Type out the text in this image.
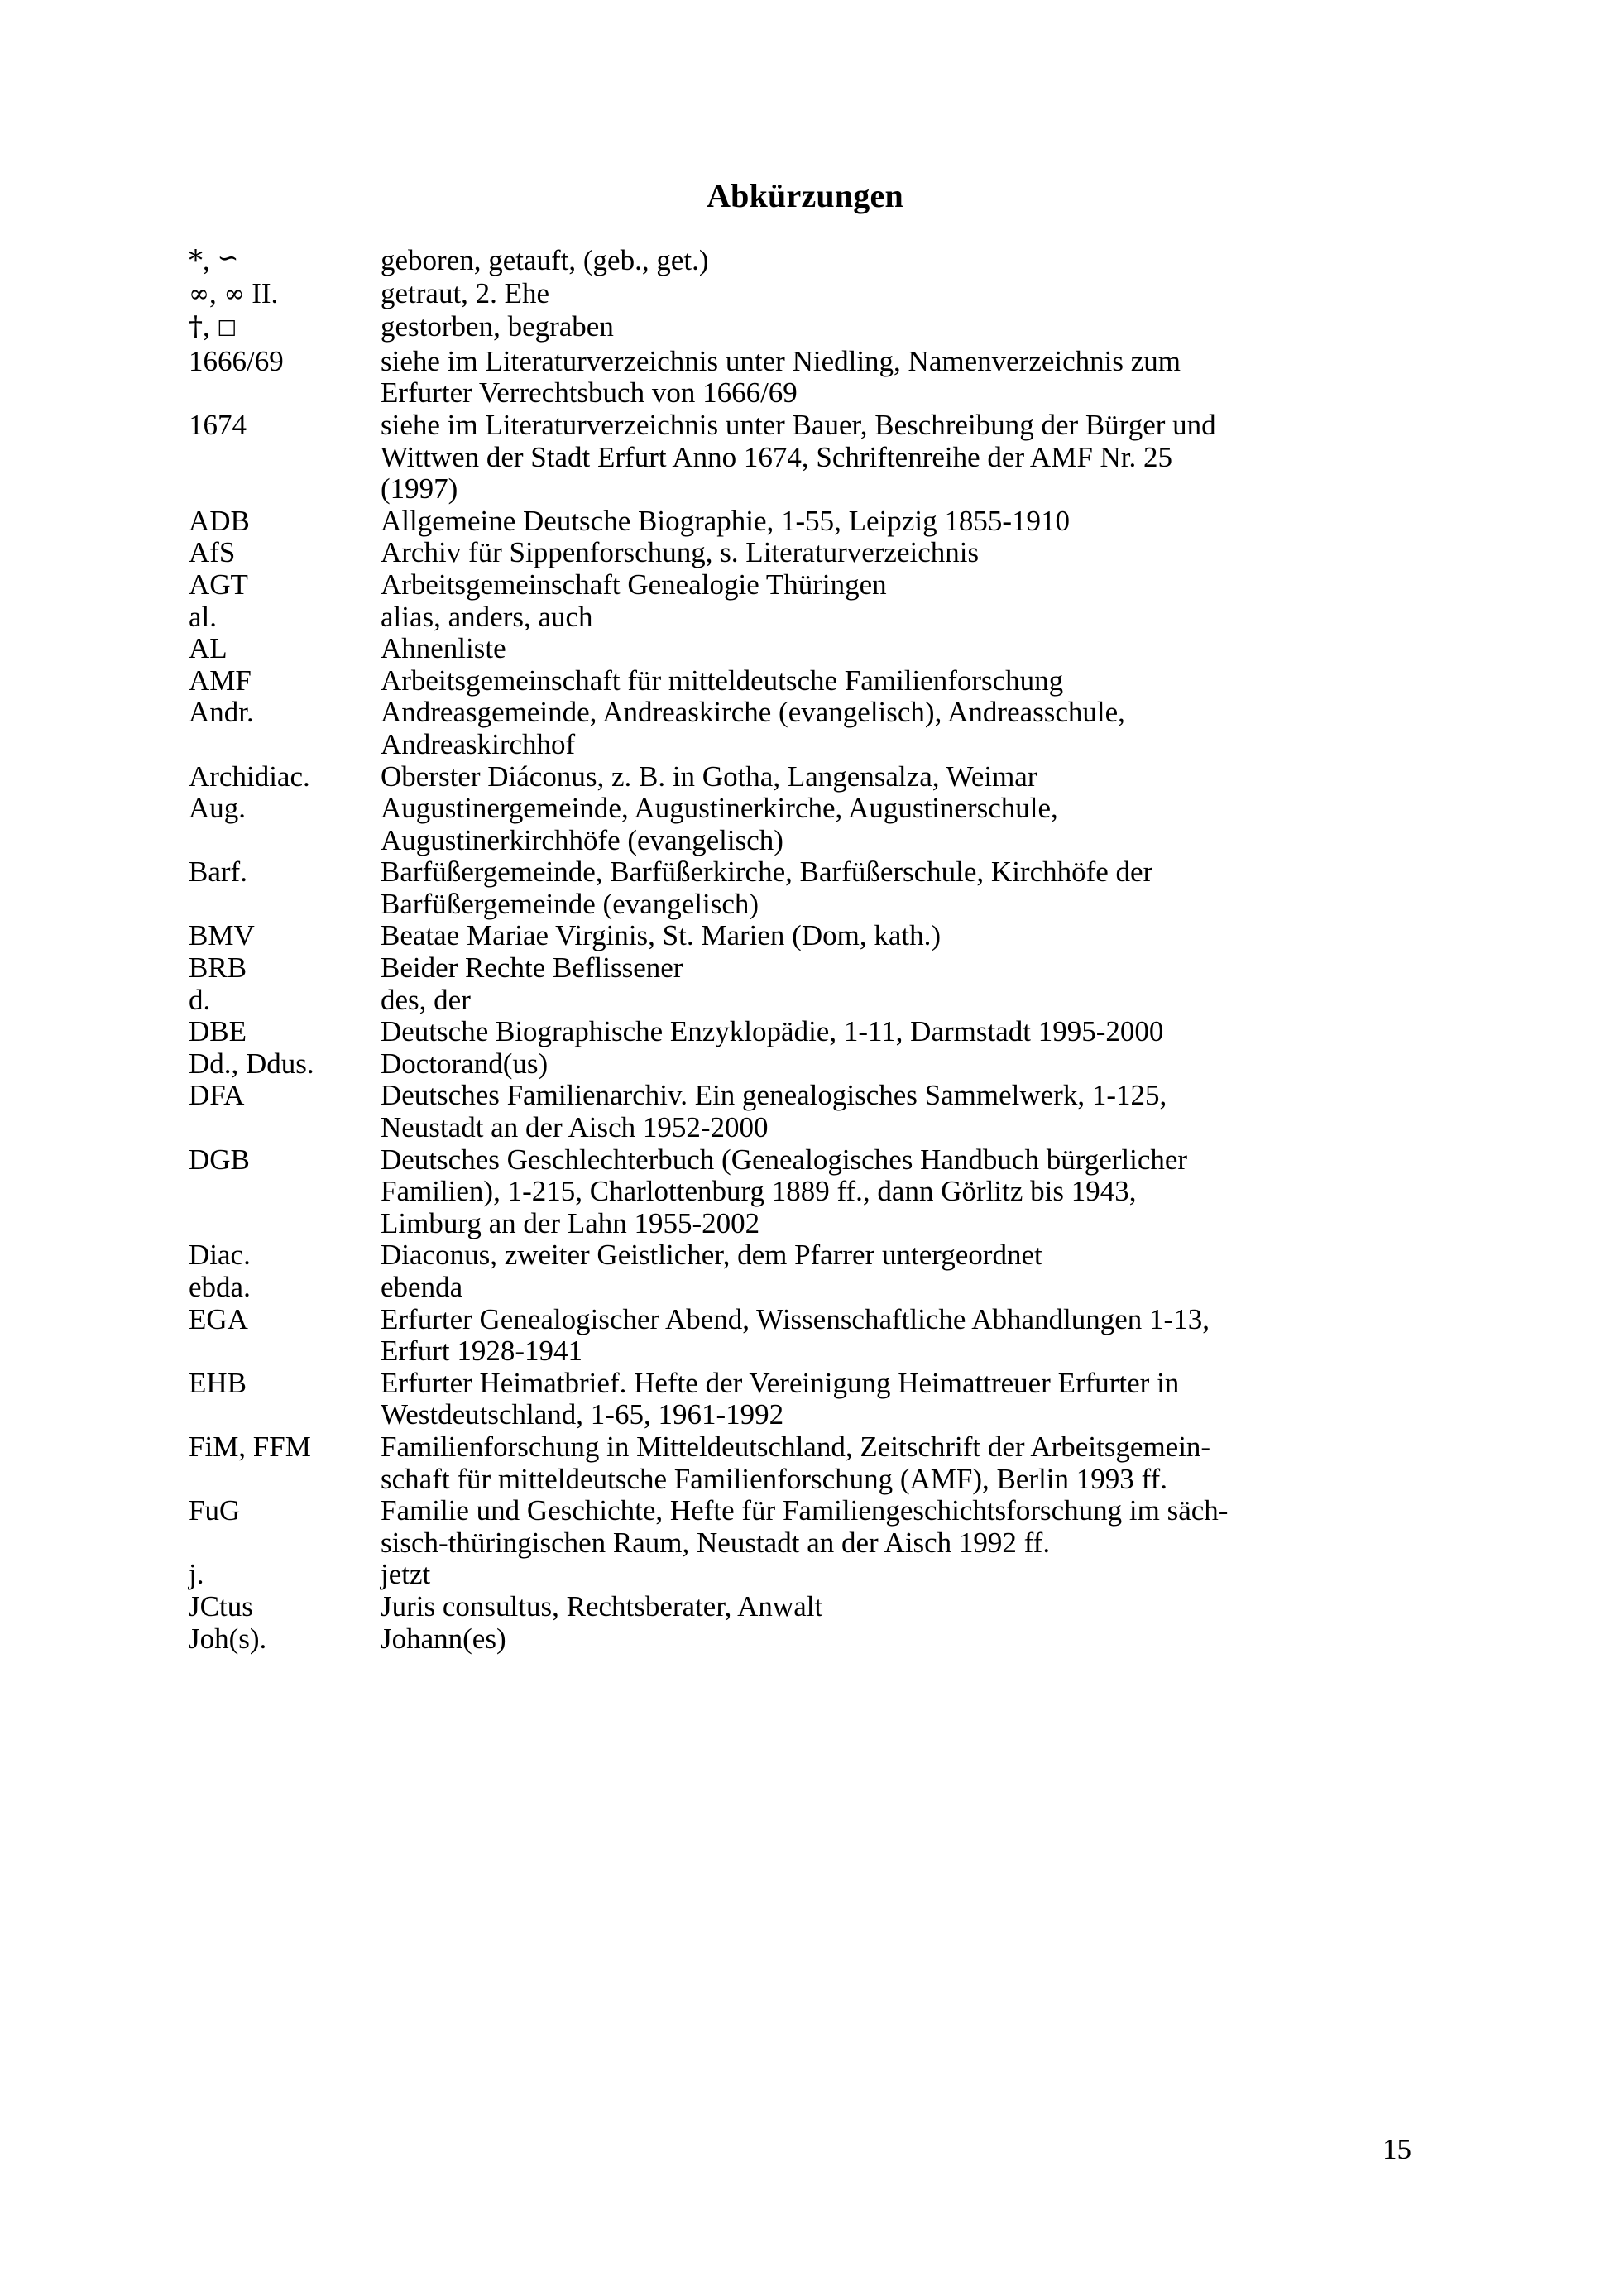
Abkürzungen
*, ∽	geboren, getauft, (geb., get.)
∞, ∞ II.	getraut, 2. Ehe
†, □	gestorben, begraben
1666/69	siehe im Literaturverzeichnis unter Niedling, Namenverzeichnis zum
Erfurter Verrechtsbuch von 1666/69
1674	siehe im Literaturverzeichnis unter Bauer, Beschreibung der Bürger und
Wittwen der Stadt Erfurt Anno 1674, Schriftenreihe der AMF Nr. 25
(1997)
ADB	Allgemeine Deutsche Biographie, 1-55, Leipzig 1855-1910
AfS	Archiv für Sippenforschung, s. Literaturverzeichnis
AGT	Arbeitsgemeinschaft Genealogie Thüringen
al.	alias, anders, auch
AL	Ahnenliste
AMF	Arbeitsgemeinschaft für mitteldeutsche Familienforschung
Andr.	Andreasgemeinde, Andreaskirche (evangelisch), Andreasschule,
Andreaskirchhof
Archidiac.	Oberster Diáconus, z. B. in Gotha, Langensalza, Weimar
Aug.	Augustinergemeinde, Augustinerkirche, Augustinerschule,
Augustinerkirchhöfe (evangelisch)
Barf.	Barfüßergemeinde, Barfüßerkirche, Barfüßerschule, Kirchhöfe der
Barfüßergemeinde (evangelisch)
BMV	Beatae Mariae Virginis, St. Marien (Dom, kath.)
BRB	Beider Rechte Beflissener
d.	des, der
DBE	Deutsche Biographische Enzyklopädie, 1-11, Darmstadt 1995-2000
Dd., Ddus.	Doctorand(us)
DFA	Deutsches Familienarchiv. Ein genealogisches Sammelwerk, 1-125,
Neustadt an der Aisch 1952-2000
DGB	Deutsches Geschlechterbuch (Genealogisches Handbuch bürgerlicher
Familien), 1-215, Charlottenburg 1889 ff., dann Görlitz bis 1943,
Limburg an der Lahn 1955-2002
Diac.	Diaconus, zweiter Geistlicher, dem Pfarrer untergeordnet
ebda.	ebenda
EGA	Erfurter Genealogischer Abend, Wissenschaftliche Abhandlungen 1-13,
Erfurt 1928-1941
EHB	Erfurter Heimatbrief. Hefte der Vereinigung Heimattreuer Erfurter in
Westdeutschland, 1-65, 1961-1992
FiM, FFM	Familienforschung in Mitteldeutschland, Zeitschrift der Arbeitsgemein-
schaft für mitteldeutsche Familienforschung (AMF), Berlin 1993 ff.
FuG	Familie und Geschichte, Hefte für Familiengeschichtsforschung im säch-
sisch-thüringischen Raum, Neustadt an der Aisch 1992 ff.
j.	jetzt
JCtus	Juris consultus, Rechtsberater, Anwalt
Joh(s).	Johann(es)
15
